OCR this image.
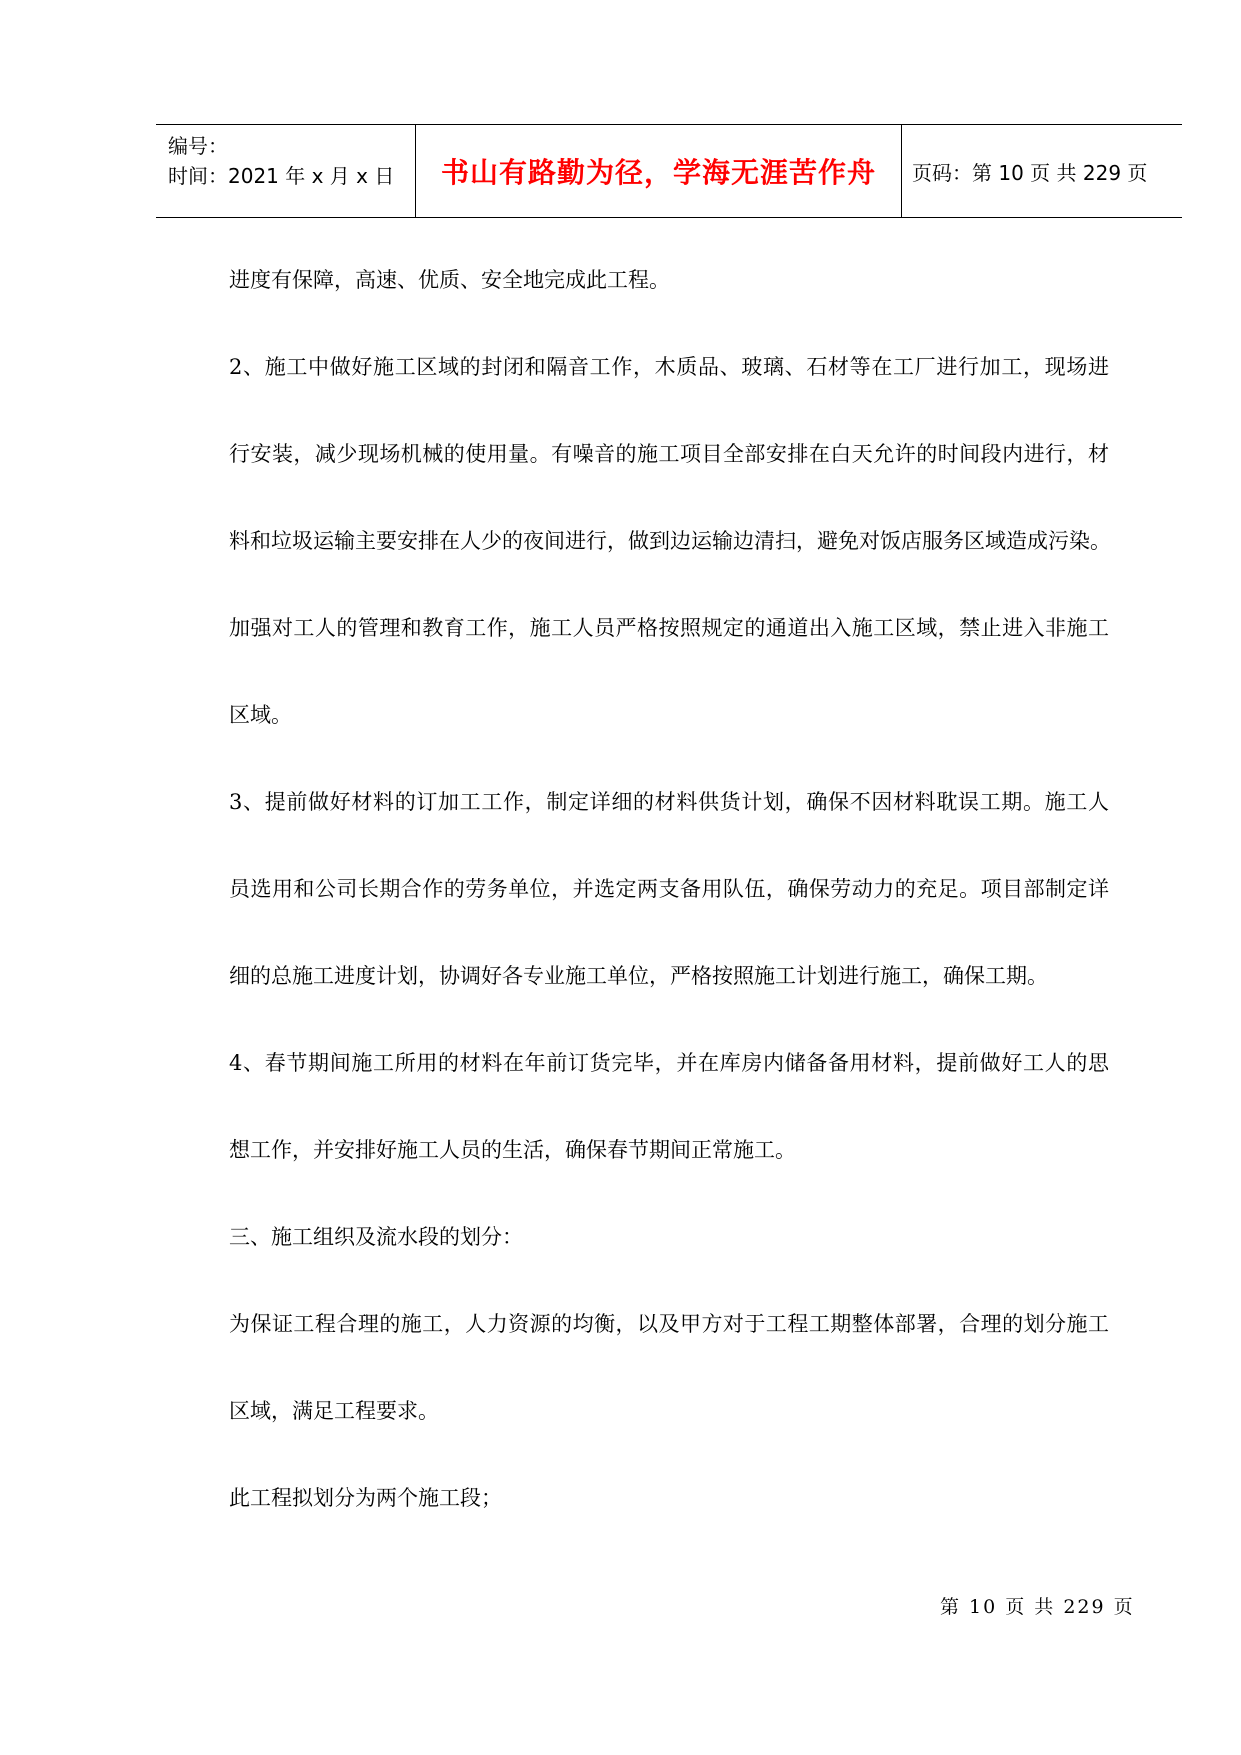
编号：
时间：2021 年 x 月 x 日	书山有路勤为径，学海无涯苦作舟	页码：第 10 页 共 229 页

进度有保障，高速、优质、安全地完成此工程。

2、施工中做好施工区域的封闭和隔音工作，木质品、玻璃、石材等在工厂进行加工，现场进
行安装，减少现场机械的使用量。有噪音的施工项目全部安排在白天允许的时间段内进行，材
料和垃圾运输主要安排在人少的夜间进行，做到边运输边清扫，避免对饭店服务区域造成污染。
加强对工人的管理和教育工作，施工人员严格按照规定的通道出入施工区域，禁止进入非施工
区域。

3、提前做好材料的订加工工作，制定详细的材料供货计划，确保不因材料耽误工期。施工人
员选用和公司长期合作的劳务单位，并选定两支备用队伍，确保劳动力的充足。项目部制定详
细的总施工进度计划，协调好各专业施工单位，严格按照施工计划进行施工，确保工期。

4、春节期间施工所用的材料在年前订货完毕，并在库房内储备备用材料，提前做好工人的思
想工作，并安排好施工人员的生活，确保春节期间正常施工。

三、施工组织及流水段的划分：

为保证工程合理的施工，人力资源的均衡，以及甲方对于工程工期整体部署，合理的划分施工
区域，满足工程要求。

此工程拟划分为两个施工段；

第 10 页 共 229 页
